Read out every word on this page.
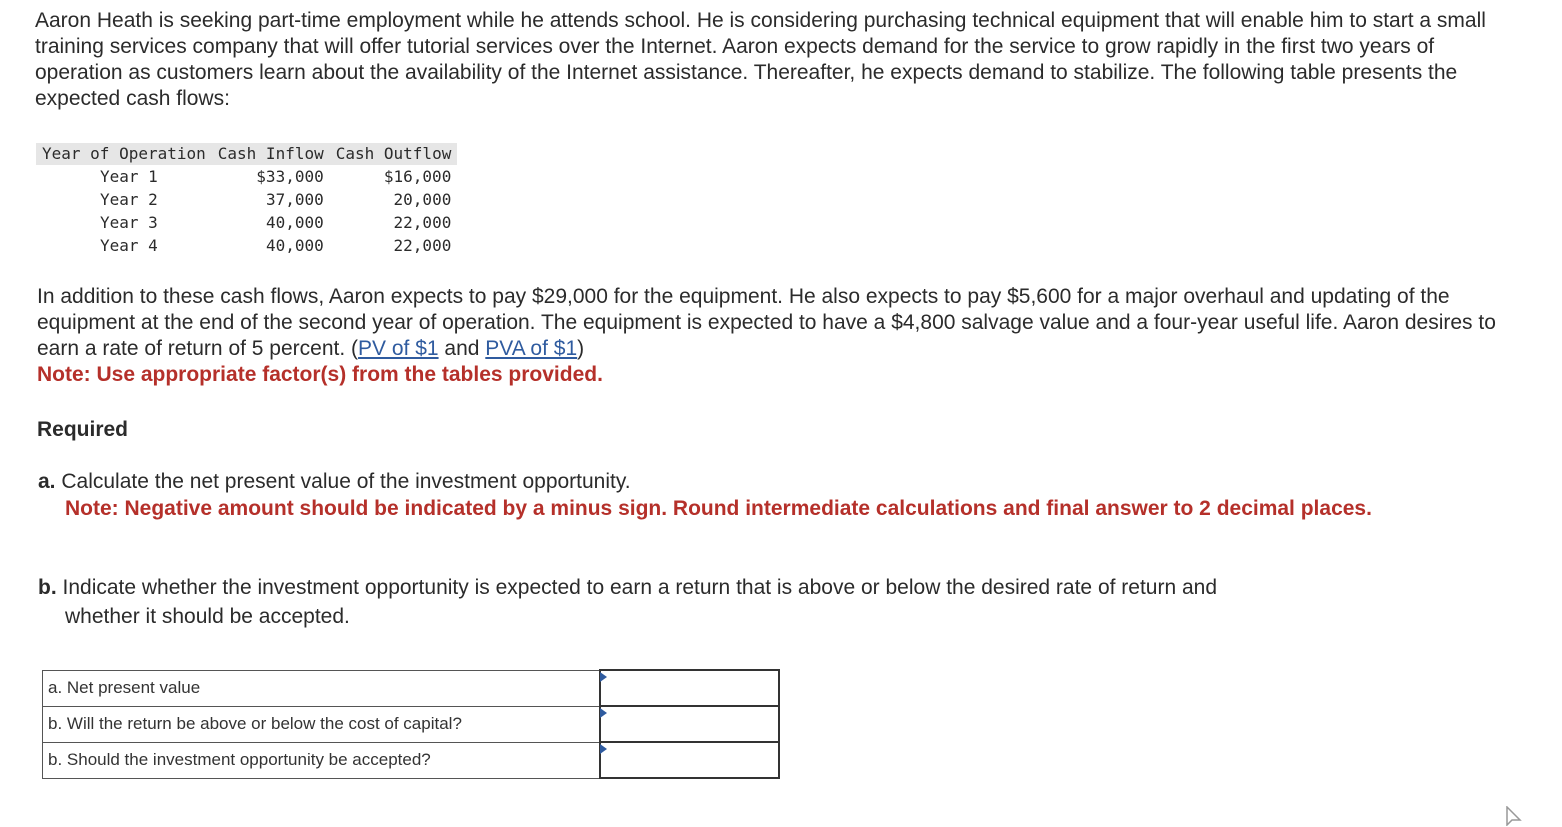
Aaron Heath is seeking part-time employment while he attends school. He is considering purchasing technical equipment that will enable him to start a small training services company that will offer tutorial services over the Internet. Aaron expects demand for the service to grow rapidly in the first two years of operation as customers learn about the availability of the Internet assistance. Thereafter, he expects demand to stabilize. The following table presents the expected cash flows:

Year of Operation	Cash Inflow	Cash Outflow
Year 1	$33,000	$16,000
Year 2	37,000	20,000
Year 3	40,000	22,000
Year 4	40,000	22,000

In addition to these cash flows, Aaron expects to pay $29,000 for the equipment. He also expects to pay $5,600 for a major overhaul and updating of the equipment at the end of the second year of operation. The equipment is expected to have a $4,800 salvage value and a four-year useful life. Aaron desires to earn a rate of return of 5 percent. (PV of $1 and PVA of $1)
Note: Use appropriate factor(s) from the tables provided.

Required

a. Calculate the net present value of the investment opportunity.
Note: Negative amount should be indicated by a minus sign. Round intermediate calculations and final answer to 2 decimal places.
b. Indicate whether the investment opportunity is expected to earn a return that is above or below the desired rate of return and
whether it should be accepted.
a. Net present value	

b. Will the return be above or below the cost of capital?	

b. Should the investment opportunity be accepted?	
